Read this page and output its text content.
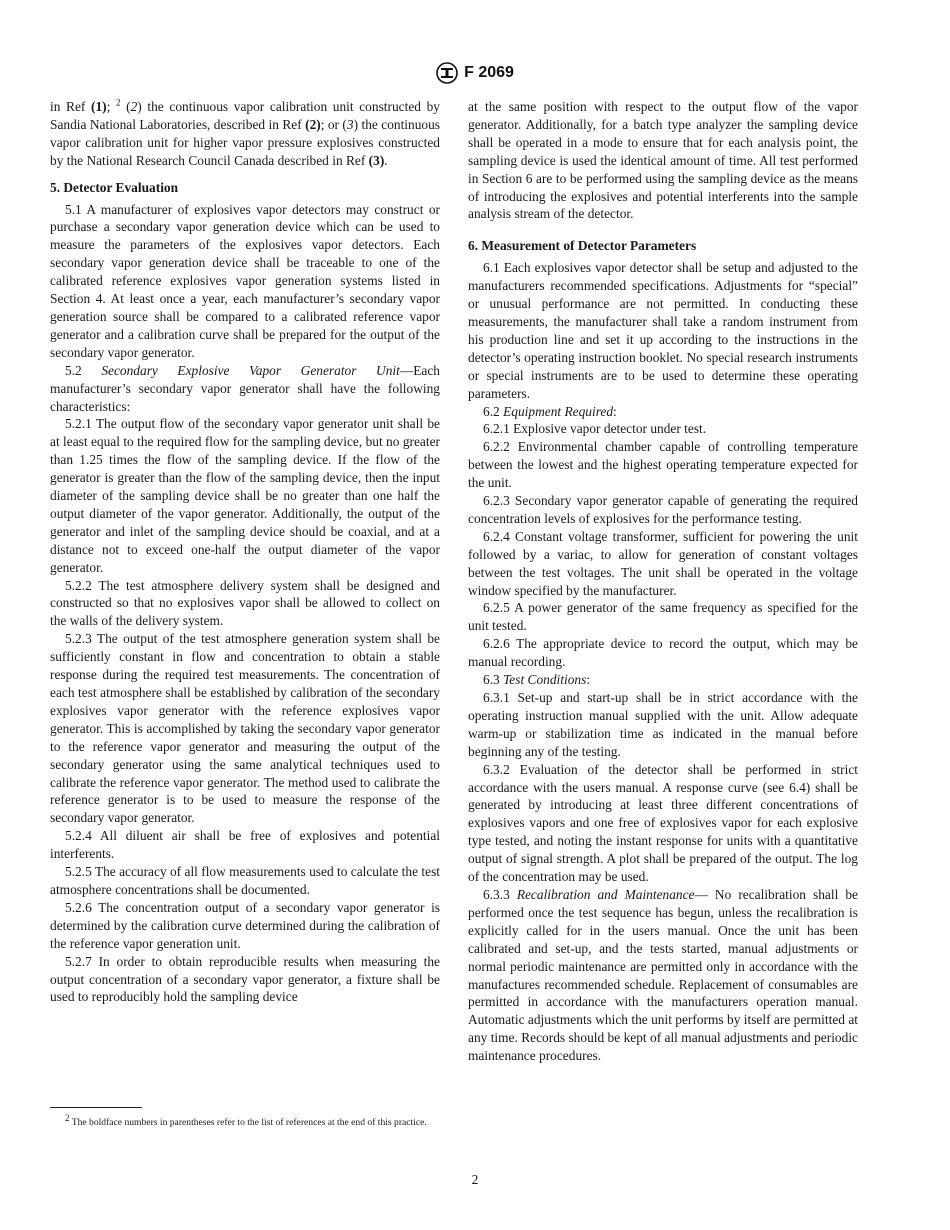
F 2069

in Ref (1); $^2$ (2) the continuous vapor calibration unit constructed by Sandia National Laboratories, described in Ref (2); or (3) the continuous vapor calibration unit for higher vapor pressure explosives constructed by the National Research Council Canada described in Ref (3).

5. Detector Evaluation

5.1 A manufacturer of explosives vapor detectors may construct or purchase a secondary vapor generation device which can be used to measure the parameters of the explosives vapor detectors. Each secondary vapor generation device shall be traceable to one of the calibrated reference explosives vapor generation systems listed in Section 4. At least once a year, each manufacturer’s secondary vapor generation source shall be compared to a calibrated reference vapor generator and a calibration curve shall be prepared for the output of the secondary vapor generator.

5.2 Secondary Explosive Vapor Generator Unit—Each manufacturer’s secondary vapor generator shall have the following characteristics:

5.2.1 The output flow of the secondary vapor generator unit shall be at least equal to the required flow for the sampling device, but no greater than 1.25 times the flow of the sampling device. If the flow of the generator is greater than the flow of the sampling device, then the input diameter of the sampling device shall be no greater than one half the output diameter of the vapor generator. Additionally, the output of the generator and inlet of the sampling device should be coaxial, and at a distance not to exceed one-half the output diameter of the vapor generator.

5.2.2 The test atmosphere delivery system shall be designed and constructed so that no explosives vapor shall be allowed to collect on the walls of the delivery system.

5.2.3 The output of the test atmosphere generation system shall be sufficiently constant in flow and concentration to obtain a stable response during the required test measurements. The concentration of each test atmosphere shall be established by calibration of the secondary explosives vapor generator with the reference explosives vapor generator. This is accomplished by taking the secondary vapor generator to the reference vapor generator and measuring the output of the secondary generator using the same analytical techniques used to calibrate the reference vapor generator. The method used to calibrate the reference generator is to be used to measure the response of the secondary vapor generator.

5.2.4 All diluent air shall be free of explosives and potential interferents.

5.2.5 The accuracy of all flow measurements used to calculate the test atmosphere concentrations shall be documented.

5.2.6 The concentration output of a secondary vapor generator is determined by the calibration curve determined during the calibration of the reference vapor generation unit.

5.2.7 In order to obtain reproducible results when measuring the output concentration of a secondary vapor generator, a fixture shall be used to reproducibly hold the sampling device

$^2$ The boldface numbers in parentheses refer to the list of references at the end of this practice.

at the same position with respect to the output flow of the vapor generator. Additionally, for a batch type analyzer the sampling device shall be operated in a mode to ensure that for each analysis point, the sampling device is used the identical amount of time. All test performed in Section 6 are to be performed using the sampling device as the means of introducing the explosives and potential interferents into the sample analysis stream of the detector.

6. Measurement of Detector Parameters

6.1 Each explosives vapor detector shall be setup and adjusted to the manufacturers recommended specifications. Adjustments for “special” or unusual performance are not permitted. In conducting these measurements, the manufacturer shall take a random instrument from his production line and set it up according to the instructions in the detector’s operating instruction booklet. No special research instruments or special instruments are to be used to determine these operating parameters.

6.2 Equipment Required:

6.2.1 Explosive vapor detector under test.

6.2.2 Environmental chamber capable of controlling temperature between the lowest and the highest operating temperature expected for the unit.

6.2.3 Secondary vapor generator capable of generating the required concentration levels of explosives for the performance testing.

6.2.4 Constant voltage transformer, sufficient for powering the unit followed by a variac, to allow for generation of constant voltages between the test voltages. The unit shall be operated in the voltage window specified by the manufacturer.

6.2.5 A power generator of the same frequency as specified for the unit tested.

6.2.6 The appropriate device to record the output, which may be manual recording.

6.3 Test Conditions:

6.3.1 Set-up and start-up shall be in strict accordance with the operating instruction manual supplied with the unit. Allow adequate warm-up or stabilization time as indicated in the manual before beginning any of the testing.

6.3.2 Evaluation of the detector shall be performed in strict accordance with the users manual. A response curve (see 6.4) shall be generated by introducing at least three different concentrations of explosives vapors and one free of explosives vapor for each explosive type tested, and noting the instant response for units with a quantitative output of signal strength. A plot shall be prepared of the output. The log of the concentration may be used.

6.3.3 Recalibration and Maintenance— No recalibration shall be performed once the test sequence has begun, unless the recalibration is explicitly called for in the users manual. Once the unit has been calibrated and set-up, and the tests started, manual adjustments or normal periodic maintenance are permitted only in accordance with the manufactures recommended schedule. Replacement of consumables are permitted in accordance with the manufacturers operation manual. Automatic adjustments which the unit performs by itself are permitted at any time. Records should be kept of all manual adjustments and periodic maintenance procedures.

2
